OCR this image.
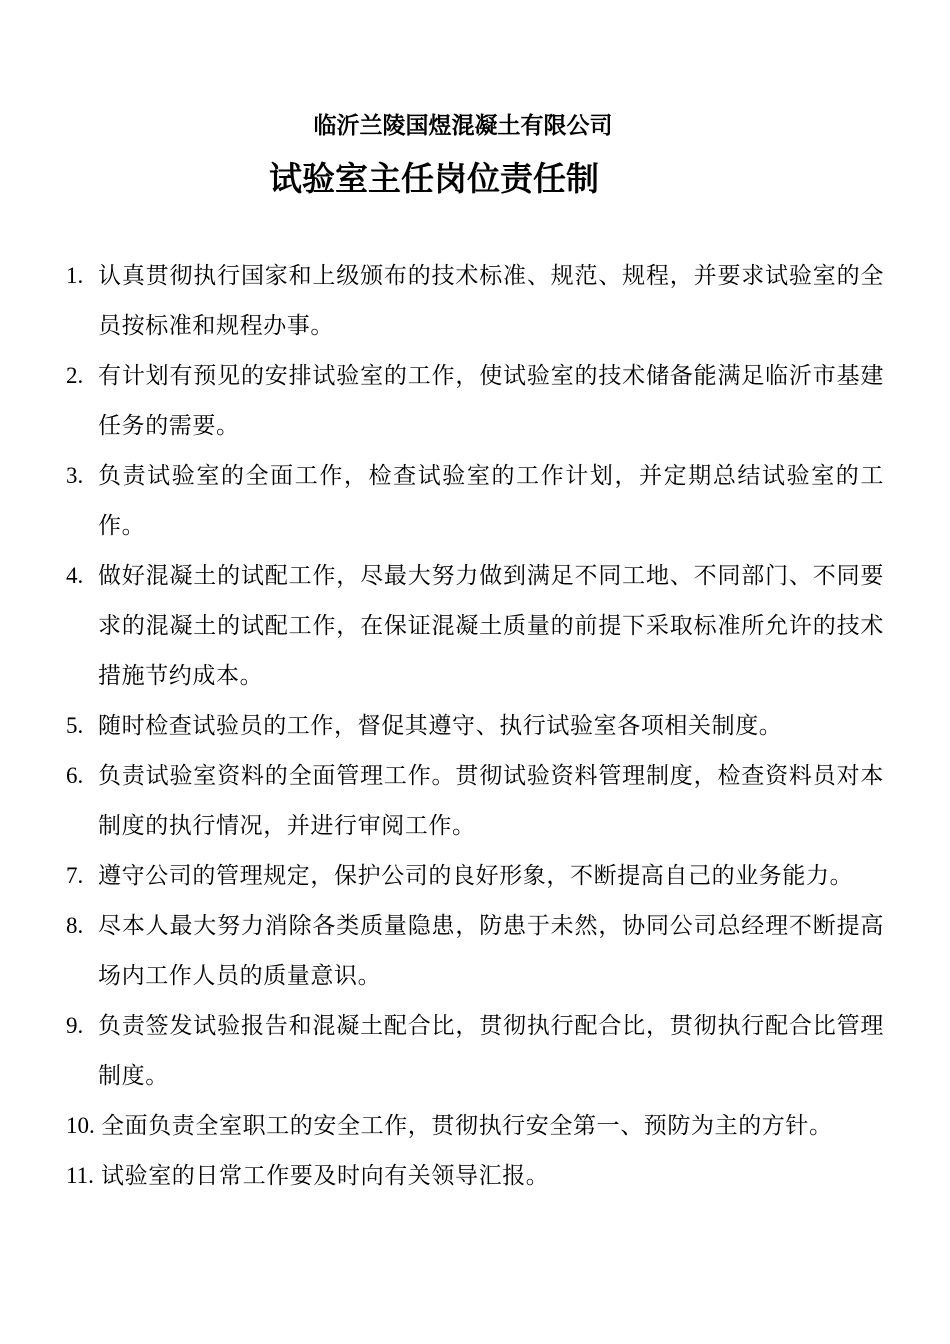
临沂兰陵国煜混凝土有限公司
试验室主任岗位责任制
1. 认真贯彻执行国家和上级颁布的技术标准、规范、规程，并要求试验室的全员按标准和规程办事。
2. 有计划有预见的安排试验室的工作，使试验室的技术储备能满足临沂市基建任务的需要。
3. 负责试验室的全面工作，检查试验室的工作计划，并定期总结试验室的工作。
4. 做好混凝土的试配工作，尽最大努力做到满足不同工地、不同部门、不同要求的混凝土的试配工作，在保证混凝土质量的前提下采取标准所允许的技术措施节约成本。
5. 随时检查试验员的工作，督促其遵守、执行试验室各项相关制度。
6. 负责试验室资料的全面管理工作。贯彻试验资料管理制度，检查资料员对本制度的执行情况，并进行审阅工作。
7. 遵守公司的管理规定，保护公司的良好形象，不断提高自己的业务能力。
8. 尽本人最大努力消除各类质量隐患，防患于未然，协同公司总经理不断提高场内工作人员的质量意识。
9. 负责签发试验报告和混凝土配合比，贯彻执行配合比，贯彻执行配合比管理制度。
10. 全面负责全室职工的安全工作，贯彻执行安全第一、预防为主的方针。
11. 试验室的日常工作要及时向有关领导汇报。
